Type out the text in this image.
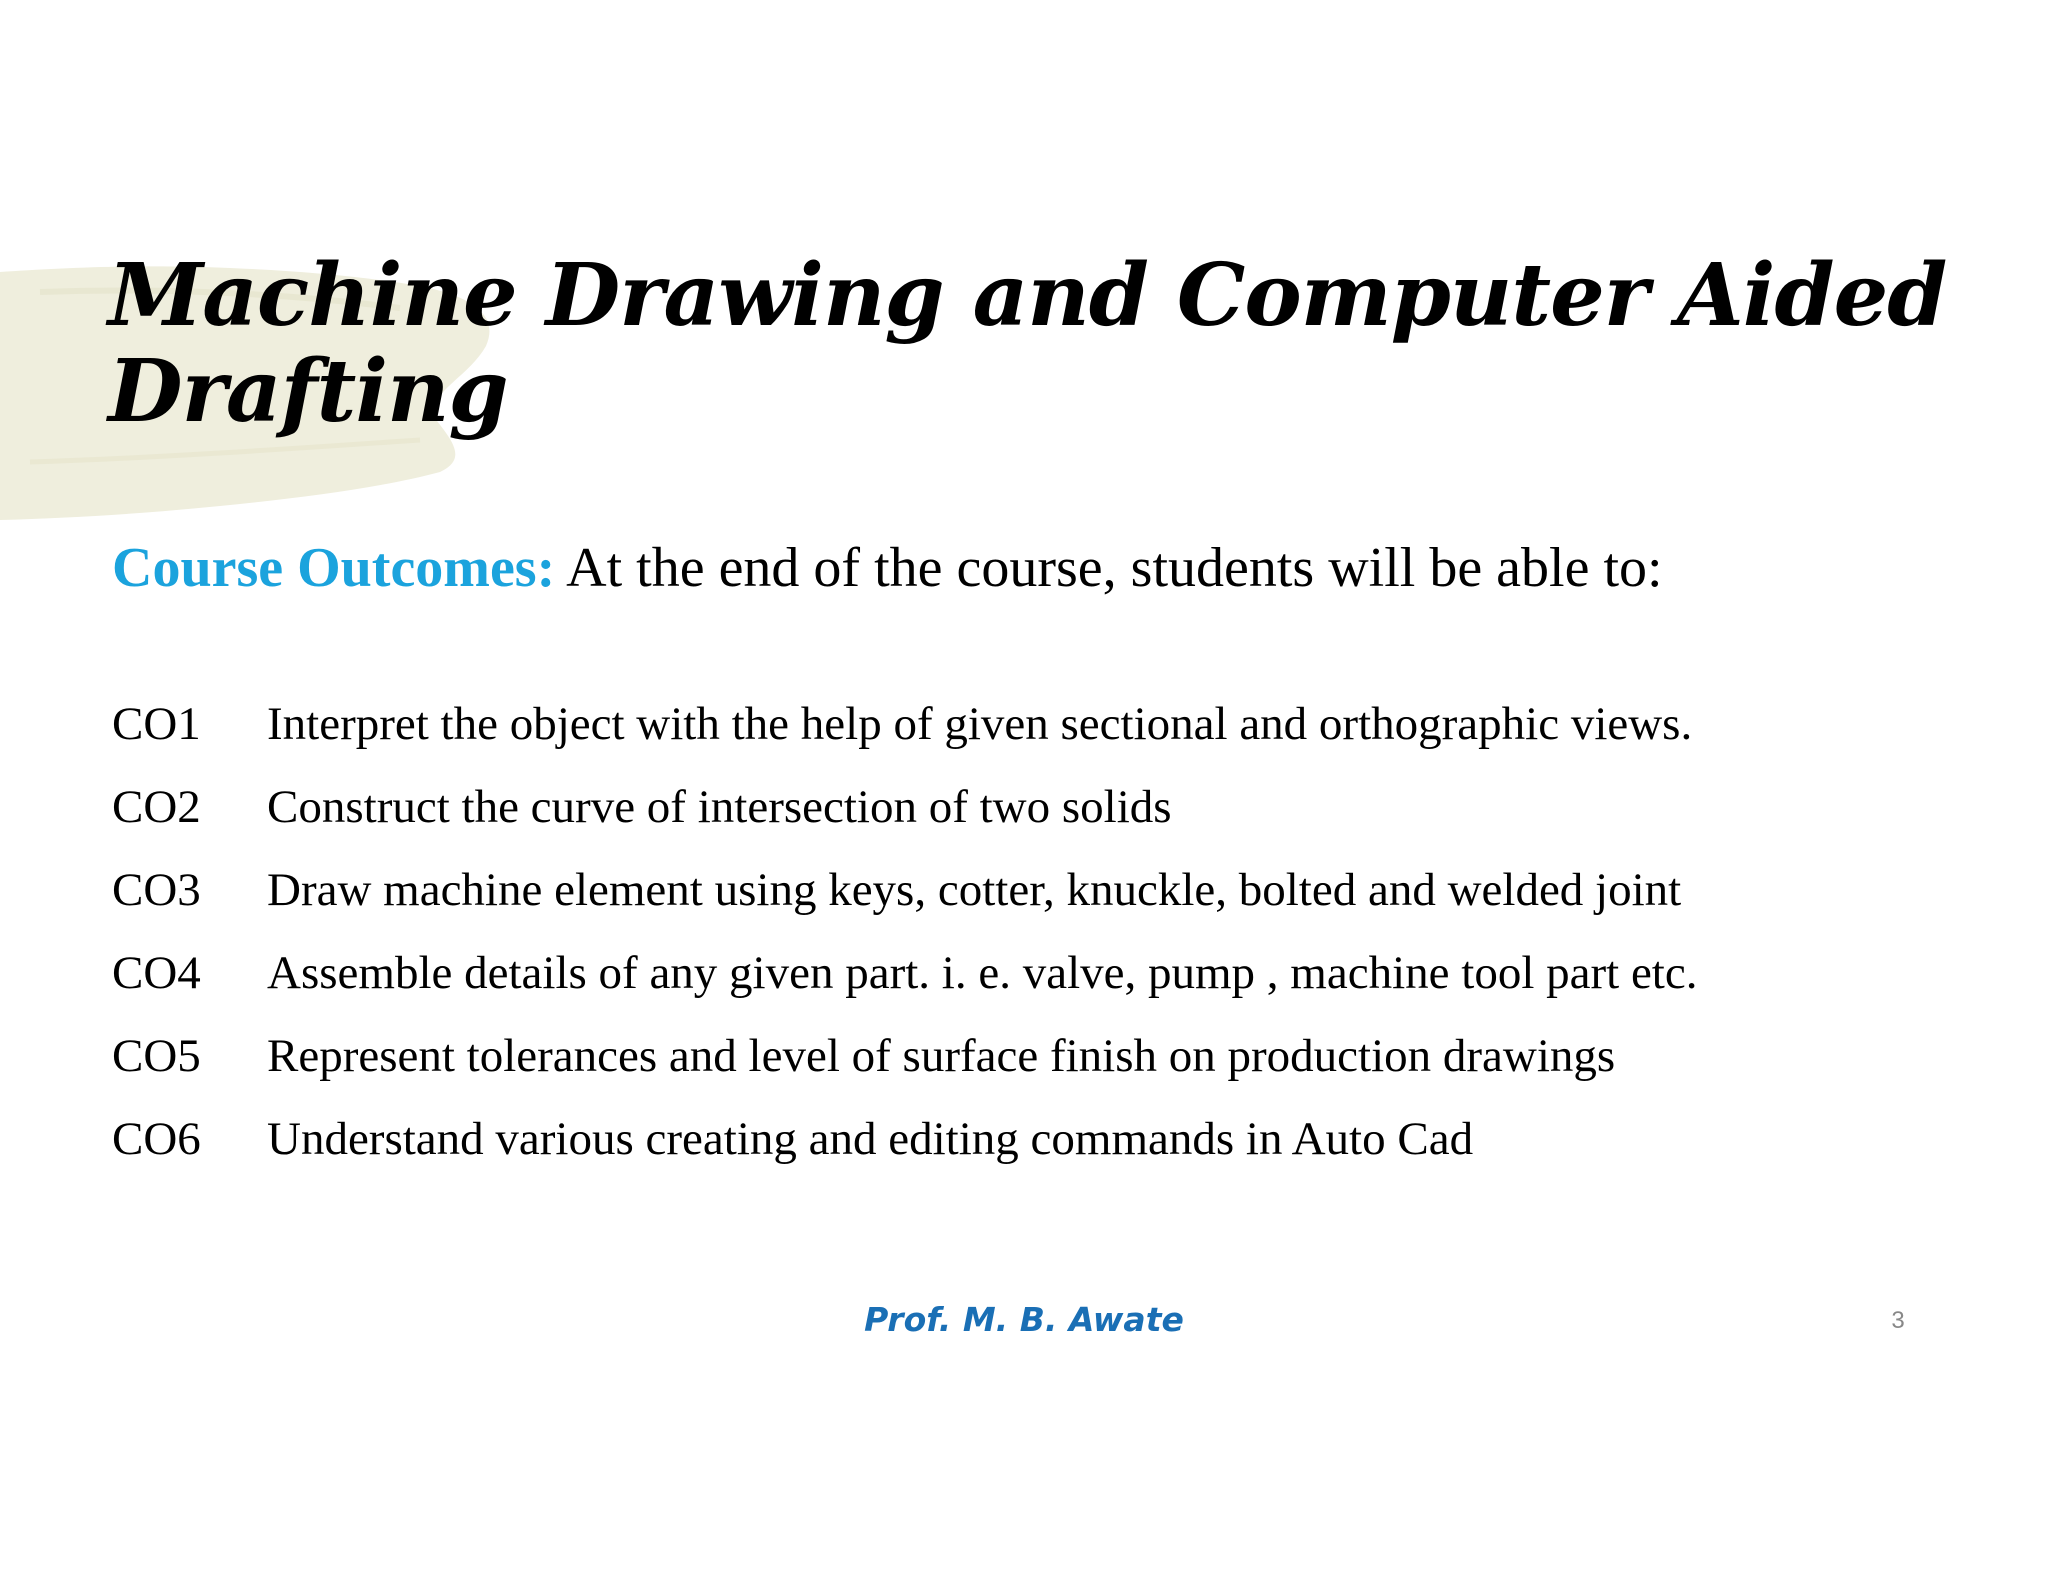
Machine Drawing and Computer Aided Drafting
Course Outcomes: At the end of the course, students will be able to:
CO1	Interpret the object with the help of given sectional and orthographic views.
CO2	Construct the curve of intersection of two solids
CO3	Draw machine element using keys, cotter, knuckle, bolted and welded joint
CO4	Assemble details of any given part. i. e. valve, pump , machine tool part etc.
CO5	Represent tolerances and level of surface finish on production drawings
CO6	Understand various creating and editing commands in Auto Cad
Prof. M. B. Awate	3
